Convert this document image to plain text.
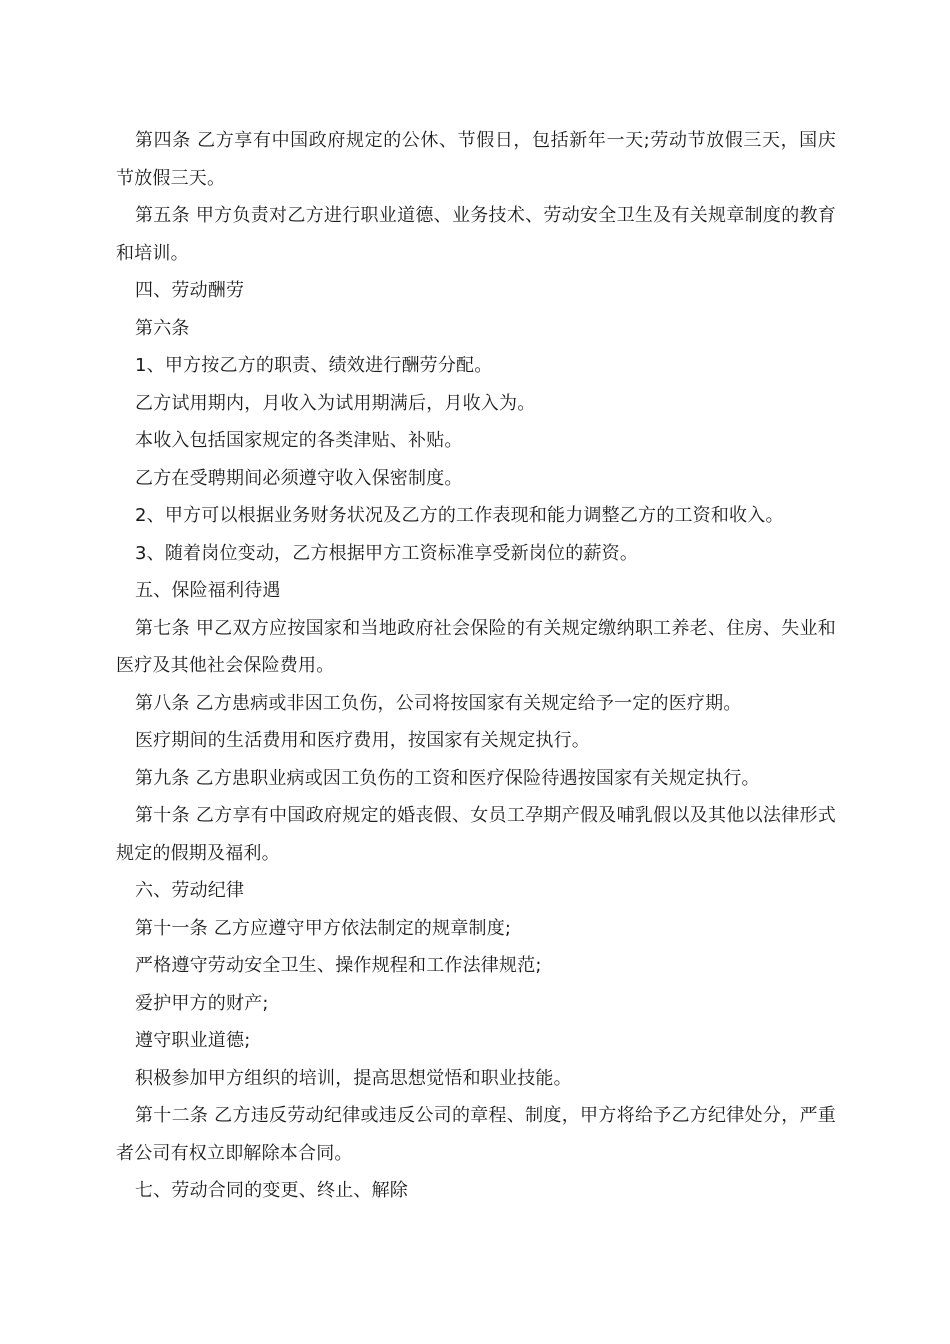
第四条 乙方享有中国政府规定的公休、节假日，包括新年一天;劳动节放假三天，国庆节放假三天。

第五条 甲方负责对乙方进行职业道德、业务技术、劳动安全卫生及有关规章制度的教育和培训。

四、劳动酬劳

第六条

1、甲方按乙方的职责、绩效进行酬劳分配。

乙方试用期内，月收入为试用期满后，月收入为。

本收入包括国家规定的各类津贴、补贴。

乙方在受聘期间必须遵守收入保密制度。

2、甲方可以根据业务财务状况及乙方的工作表现和能力调整乙方的工资和收入。

3、随着岗位变动，乙方根据甲方工资标准享受新岗位的薪资。

五、保险福利待遇

第七条 甲乙双方应按国家和当地政府社会保险的有关规定缴纳职工养老、住房、失业和医疗及其他社会保险费用。

第八条 乙方患病或非因工负伤，公司将按国家有关规定给予一定的医疗期。

医疗期间的生活费用和医疗费用，按国家有关规定执行。

第九条 乙方患职业病或因工负伤的工资和医疗保险待遇按国家有关规定执行。

第十条 乙方享有中国政府规定的婚丧假、女员工孕期产假及哺乳假以及其他以法律形式规定的假期及福利。

六、劳动纪律

第十一条 乙方应遵守甲方依法制定的规章制度;

严格遵守劳动安全卫生、操作规程和工作法律规范;

爱护甲方的财产;

遵守职业道德;

积极参加甲方组织的培训，提高思想觉悟和职业技能。

第十二条 乙方违反劳动纪律或违反公司的章程、制度，甲方将给予乙方纪律处分，严重者公司有权立即解除本合同。

七、劳动合同的变更、终止、解除
